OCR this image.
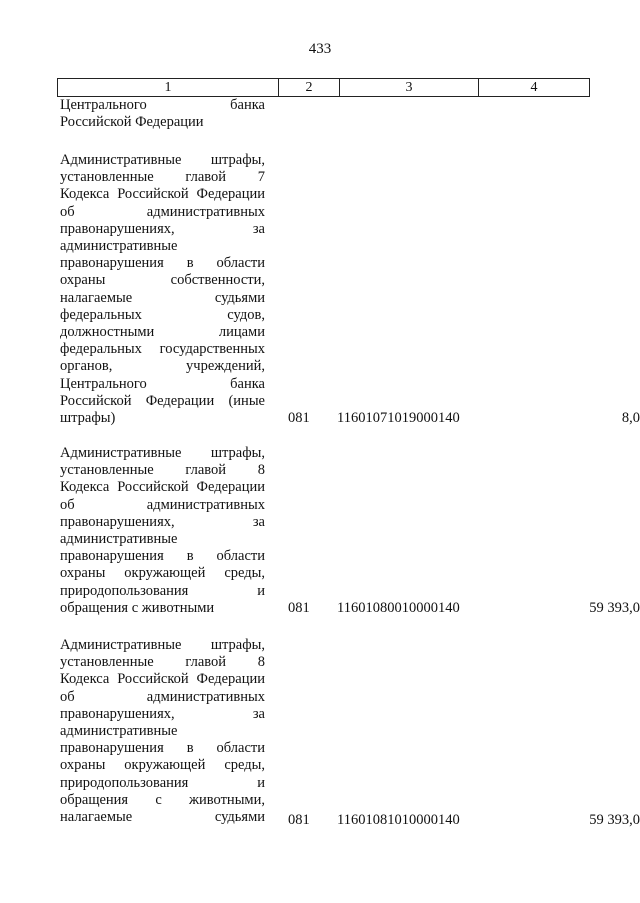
433
1	2	3	4
Центрального банка
Российской Федерации
Административные штрафы,
установленные главой 7
Кодекса Российской Федерации
об административных
правонарушениях, за
административные
правонарушения в области
охраны собственности,
налагаемые судьями
федеральных судов,
должностными лицами
федеральных государственных
органов, учреждений,
Центрального банка
Российской Федерации (иные
штрафы)	081 11601071019000140	8,0
Административные штрафы,
установленные главой 8
Кодекса Российской Федерации
об административных
правонарушениях, за
административные
правонарушения в области
охраны окружающей среды,
природопользования и
обращения с животными	081 11601080010000140	59 393,0
Административные штрафы,
установленные главой 8
Кодекса Российской Федерации
об административных
правонарушениях, за
административные
правонарушения в области
охраны окружающей среды,
природопользования и
обращения с животными,
налагаемые судьями 081 11601081010000140	59 393,0
